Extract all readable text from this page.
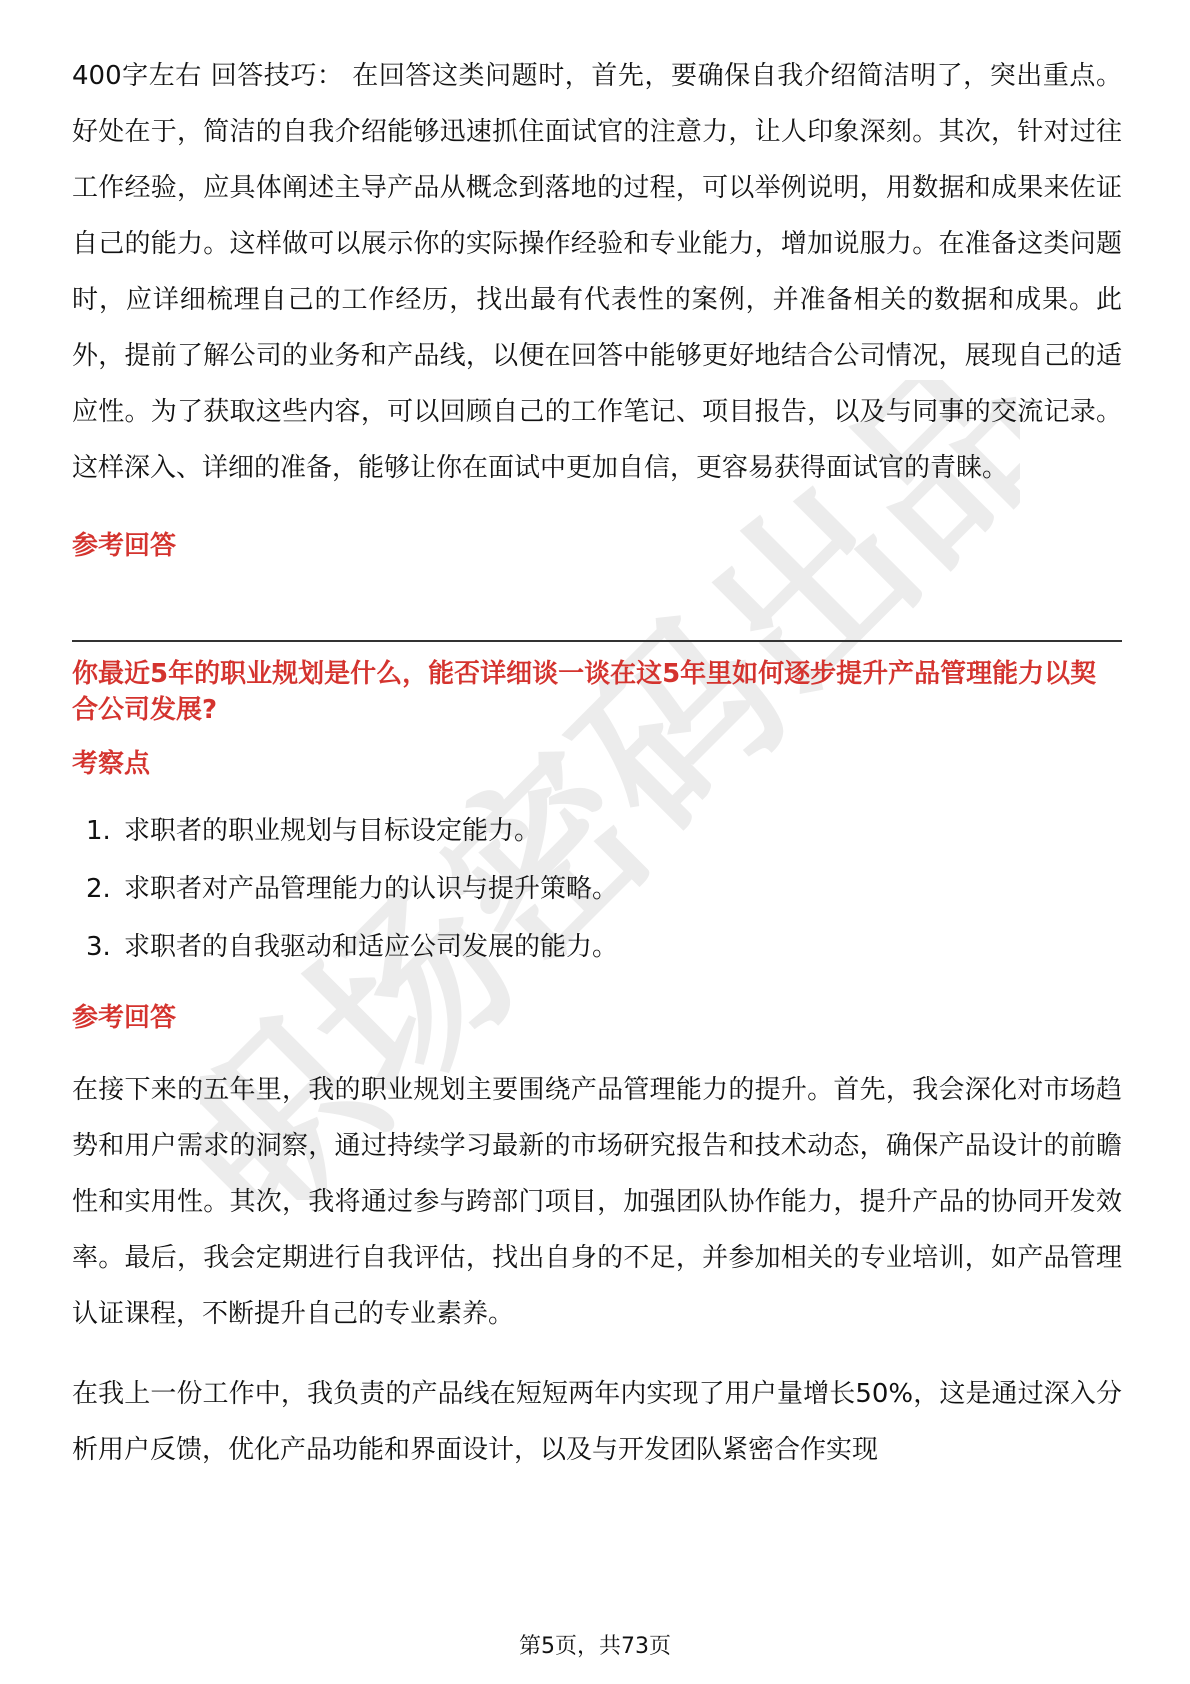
职场密码出品

400字左右 回答技巧： 在回答这类问题时，首先，要确保自我介绍简洁明了，突出重点。好处在于，简洁的自我介绍能够迅速抓住面试官的注意力，让人印象深刻。其次，针对过往工作经验，应具体阐述主导产品从概念到落地的过程，可以举例说明，用数据和成果来佐证自己的能力。这样做可以展示你的实际操作经验和专业能力，增加说服力。在准备这类问题时，应详细梳理自己的工作经历，找出最有代表性的案例，并准备相关的数据和成果。此外，提前了解公司的业务和产品线，以便在回答中能够更好地结合公司情况，展现自己的适应性。为了获取这些内容，可以回顾自己的工作笔记、项目报告，以及与同事的交流记录。这样深入、详细的准备，能够让你在面试中更加自信，更容易获得面试官的青睐。

参考回答

你最近5年的职业规划是什么，能否详细谈一谈在这5年里如何逐步提升产品管理能力以契合公司发展?

考察点

1. 求职者的职业规划与目标设定能力。
2. 求职者对产品管理能力的认识与提升策略。
3. 求职者的自我驱动和适应公司发展的能力。

参考回答

在接下来的五年里，我的职业规划主要围绕产品管理能力的提升。首先，我会深化对市场趋势和用户需求的洞察，通过持续学习最新的市场研究报告和技术动态，确保产品设计的前瞻性和实用性。其次，我将通过参与跨部门项目，加强团队协作能力，提升产品的协同开发效率。最后，我会定期进行自我评估，找出自身的不足，并参加相关的专业培训，如产品管理认证课程，不断提升自己的专业素养。

在我上一份工作中，我负责的产品线在短短两年内实现了用户量增长50%，这是通过深入分析用户反馈，优化产品功能和界面设计，以及与开发团队紧密合作实现

第5页，共73页
